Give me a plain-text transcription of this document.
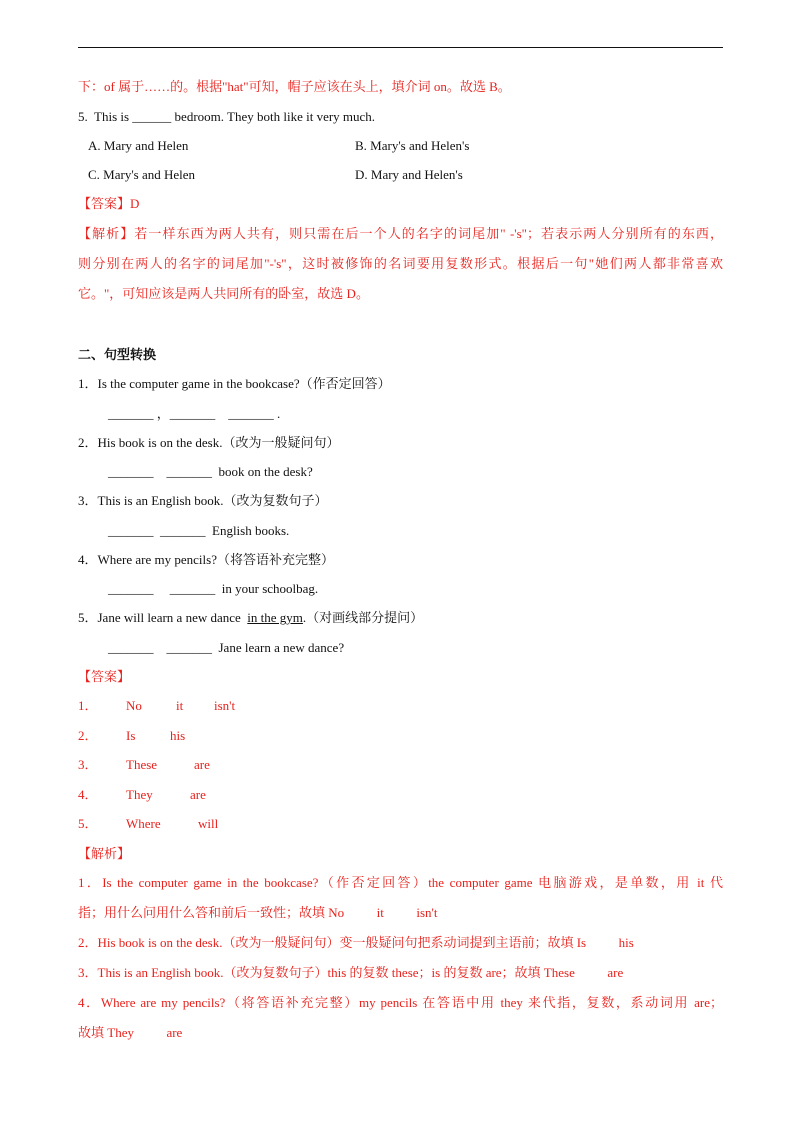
下：of 属于……的。根据"hat"可知，帽子应该在头上，填介词 on。故选 B。
5.  This is ______ bedroom. They both like it very much.
A. Mary and Helen	B. Mary's and Helen's
C. Mary's and Helen	D. Mary and Helen's
【答案】D
【解析】若一样东西为两人共有，则只需在后一个人的名字的词尾加" -'s"；若表示两人分别所有的东西，
则分别在两人的名字的词尾加"-'s"，这时被修饰的名词要用复数形式。根据后一句"她们两人都非常喜欢
它。"，可知应该是两人共同所有的卧室，故选 D。
二、句型转换
1．Is the computer game in the bookcase?（作否定回答）
_______ ，_______    _______ .
2．His book is on the desk.（改为一般疑问句）
_______    _______  book on the desk?
3．This is an English book.（改为复数句子）
_______  _______  English books.
4．Where are my pencils?（将答语补充完整）
_______     _______  in your schoolbag.
5．Jane will learn a new dance  in the gym.（对画线部分提问）
_______    _______  Jane learn a new dance?
【答案】
1． No	it isn't
2． Is	his
3． These	are
4． They	are
5． Where	will
【解析】
1．Is the computer game in the bookcase?（作否定回答）the computer game 电脑游戏，是单数，用 it 代
指；用什么问用什么答和前后一致性；故填 No          it          isn't
2．His book is on the desk.（改为一般疑问句）变一般疑问句把系动词提到主语前；故填 Is          his
3．This is an English book.（改为复数句子）this 的复数 these；is 的复数 are；故填 These          are
4．Where are my pencils?（将答语补充完整）my pencils 在答语中用 they 来代指，复数，系动词用 are；
故填 They          are
